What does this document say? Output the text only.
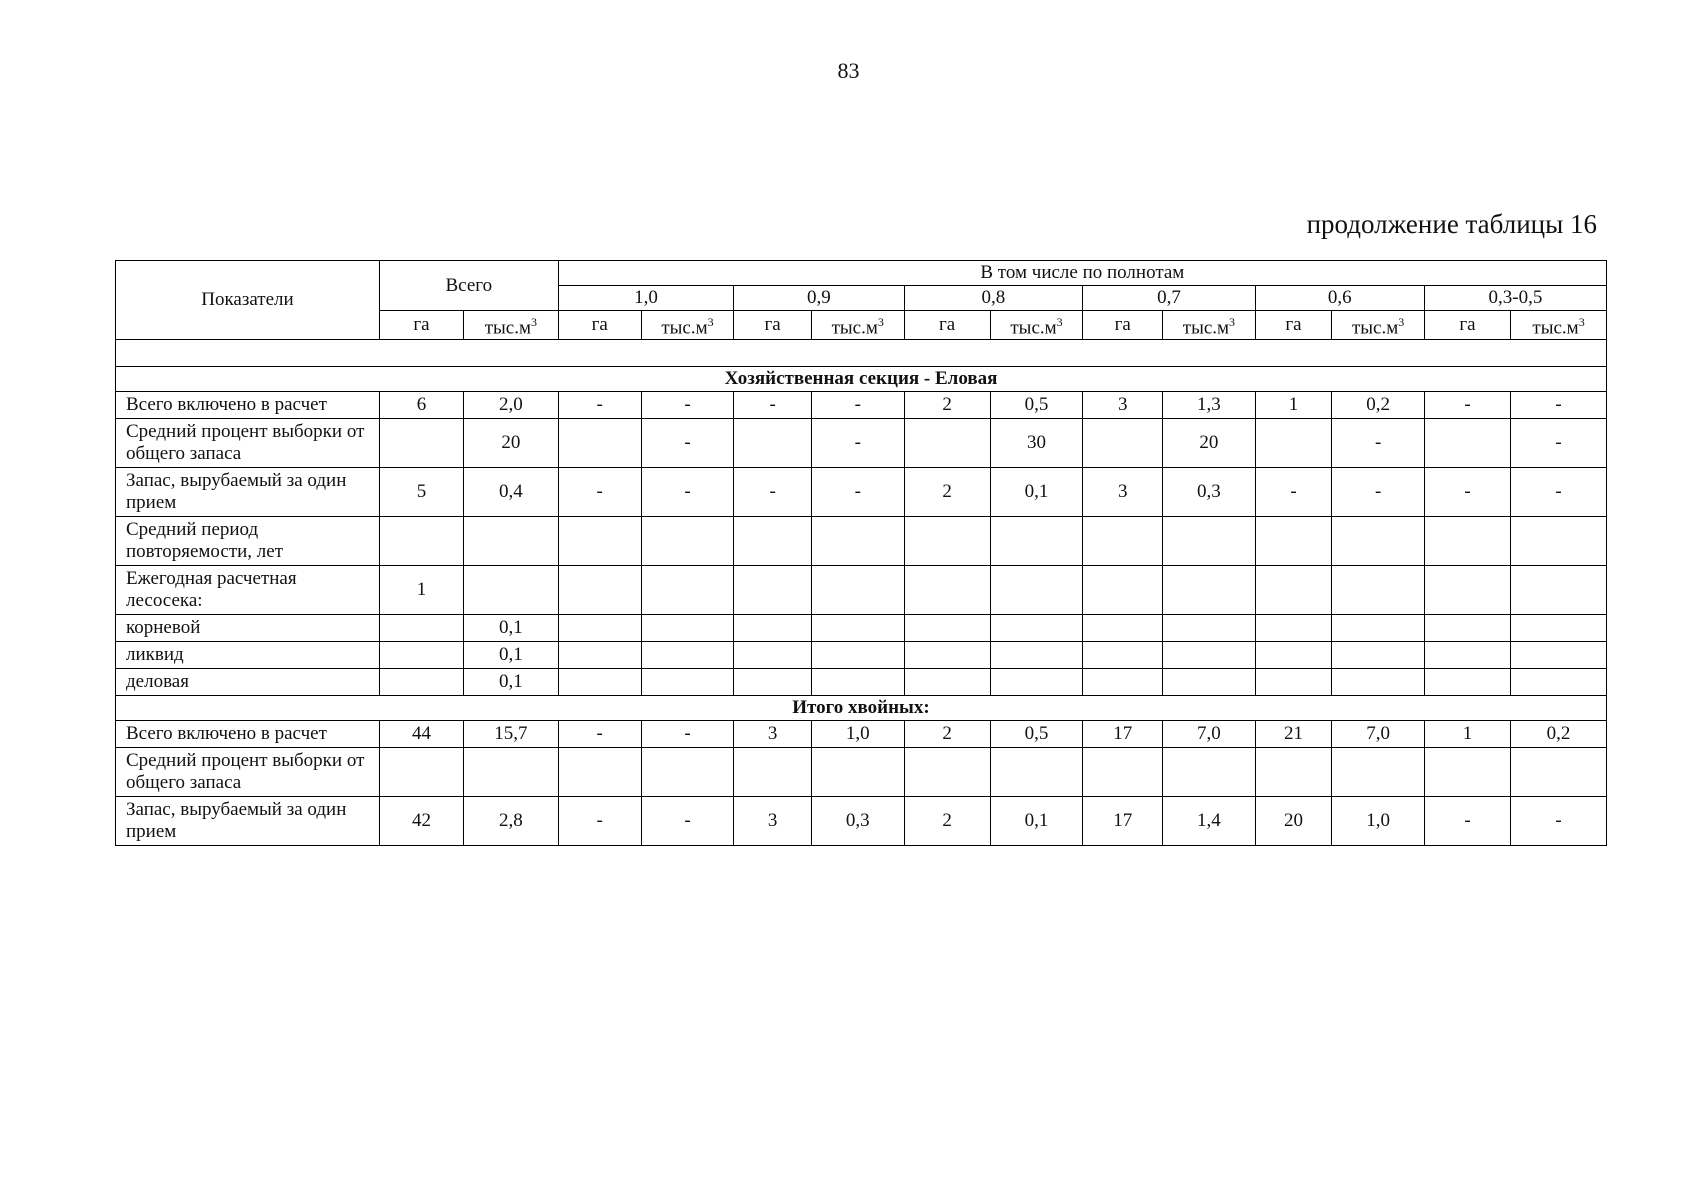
83
продолжение таблицы 16
Показатели	Всего		В том числе по полнотам											
			1,0		0,9		0,8		0,7		0,6		0,3-0,5	
	га	$тыс.м^3$	га	$тыс.м^3$	га	$тыс.м^3$	га	$тыс.м^3$	га	$тыс.м^3$	га	$тыс.м^3$	га	$тыс.м^3$

Хозяйственная секция - Еловая														
Всего включено в расчет	6	2,0	-	-	-	-	2	0,5	3	1,3	1	0,2	-	-
Средний процент выборки от общего запаса		20		-		-		30		20		-		-
Запас, вырубаемый за один прием	5	0,4	-	-	-	-	2	0,1	3	0,3	-	-	-	-
Средний период повторяемости, лет														
Ежегодная расчетная лесосека:	1													
корневой		0,1												
ликвид		0,1												
деловая		0,1												
Итого хвойных:														
Всего включено в расчет	44	15,7	-	-	3	1,0	2	0,5	17	7,0	21	7,0	1	0,2
Средний процент выборки от общего запаса														
Запас, вырубаемый за один прием	42	2,8	-	-	3	0,3	2	0,1	17	1,4	20	1,0	-	-
